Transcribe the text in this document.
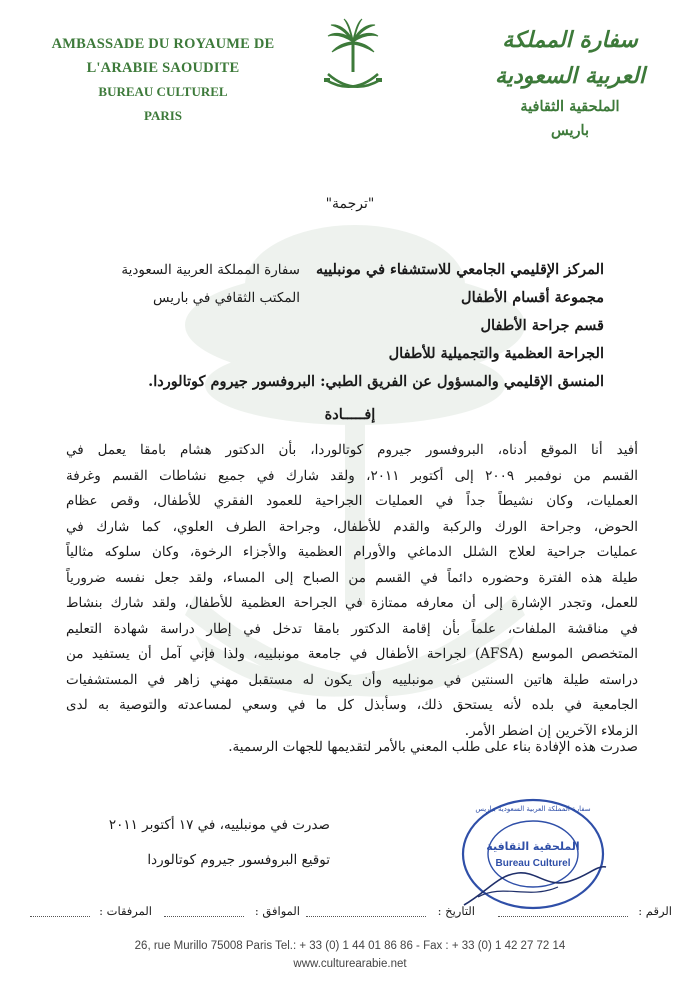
AMBASSADE DU ROYAUME DE L'ARABIE SAOUDITE
BUREAU CULTUREL
PARIS
سفارة المملكة العربية السعودية
الملحقية الثقافية
باريس
"ترجمة"
المركز الإقليمي الجامعي للاستشفاء في مونبلييه
مجموعة أقسام الأطفال
قسم جراحة الأطفال
الجراحة العظمية والتجميلية للأطفال
المنسق الإقليمي والمسؤول عن الفريق الطبي: البروفسور جيروم كوتالوردا.
سفارة المملكة العربية السعودية
المكتب الثقافي في باريس
إفـــــادة
أفيد أنا الموقع أدناه، البروفسور جيروم كوتالوردا، بأن الدكتور هشام بامقا يعمل في
القسم من نوفمبر ٢٠٠٩ إلى أكتوبر ٢٠١١، ولقد شارك في جميع نشاطات القسم وغرفة
العمليات، وكان نشيطاً جداً في العمليات الجراحية للعمود الفقري للأطفال، وقص عظام
الحوض، وجراحة الورك والركبة والقدم للأطفال، وجراحة الطرف العلوي، كما شارك في
عمليات جراحية لعلاج الشلل الدماغي والأورام العظمية والأجزاء الرخوة، وكان سلوكه مثالياً
طيلة هذه الفترة وحضوره دائماً في القسم من الصباح إلى المساء، ولقد جعل نفسه ضرورياً
للعمل، وتجدر الإشارة إلى أن معارفه ممتازة في الجراحة العظمية للأطفال، ولقد شارك بنشاط
في مناقشة الملفات، علماً بأن إقامة الدكتور بامقا تدخل في إطار دراسة شهادة التعليم
المتخصص الموسع (AFSA) لجراحة الأطفال في جامعة مونبلييه، ولذا فإني آمل أن يستفيد من
دراسته طيلة هاتين السنتين في مونبلييه وأن يكون له مستقبل مهني زاهر في المستشفيات
الجامعية في بلده لأنه يستحق ذلك، وسأبذل كل ما في وسعي لمساعدته والتوصية به لدى
الزملاء الآخرين إن اضطر الأمر.
صدرت هذه الإفادة بناء على طلب المعني بالأمر لتقديمها للجهات الرسمية.
صدرت في مونبلييه، في ١٧ أكتوبر ٢٠١١
توقيع البروفسور جيروم كوتالوردا
الملحقية الثقافية
Bureau Culturel
سفارة المملكة العربية السعودية بباريس
الرقم :
التاريخ :
الموافق :
المرفقات :
26, rue Murillo 75008 Paris Tel.: + 33 (0) 1 44 01 86 86 - Fax : + 33 (0) 1 42 27 72 14
www.culturearabie.net
